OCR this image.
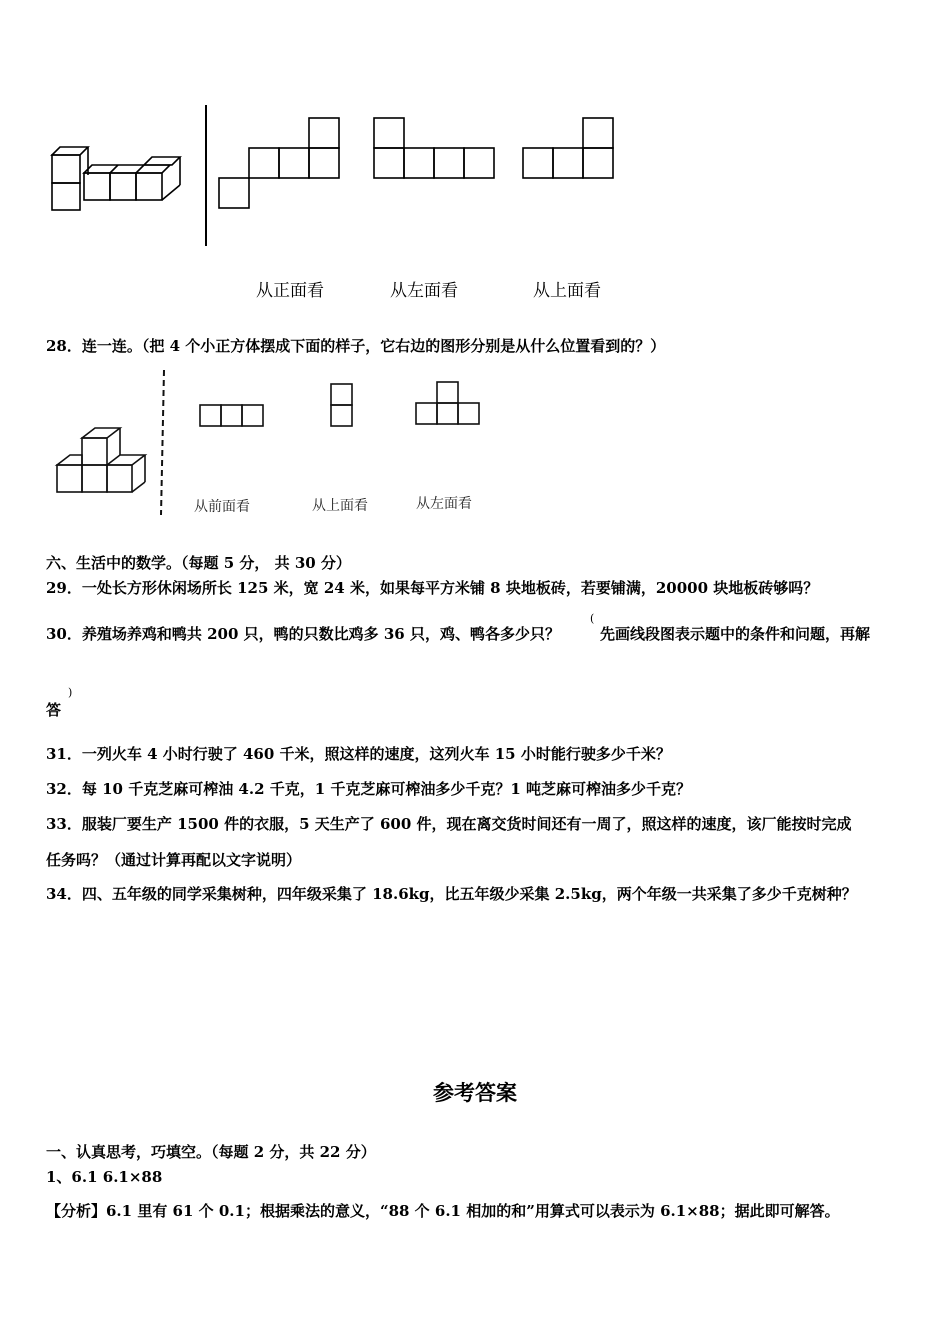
从正面看	从左面看	从上面看
28．连一连。（把 4 个小正方体摆成下面的样子，它右边的图形分别是从什么位置看到的？）
从前面看	从上面看	从左面看
六、生活中的数学。（每题 5 分， 共 30 分）
29．一处长方形休闲场所长 125 米，宽 24 米，如果每平方米铺 8 块地板砖，若要铺满，20000 块地板砖够吗？
30．养殖场养鸡和鸭共 200 只，鸭的只数比鸡多 36 只，鸡、鸭各多少只？
(
先画线段图表示题中的条件和问题，再解
)
答
31．一列火车 4 小时行驶了 460 千米，照这样的速度，这列火车 15 小时能行驶多少千米？
32．每 10 千克芝麻可榨油 4.2 千克，1 千克芝麻可榨油多少千克？1 吨芝麻可榨油多少千克？
33．服装厂要生产 1500 件的衣服，5 天生产了 600 件，现在离交货时间还有一周了，照这样的速度，该厂能按时完成
任务吗？（通过计算再配以文字说明）
34．四、五年级的同学采集树种，四年级采集了 18.6kg，比五年级少采集 2.5kg，两个年级一共采集了多少千克树种？
参考答案
一、认真思考，巧填空。（每题 2 分，共 22 分）
1、6.1 6.1×88
【分析】6.1 里有 61 个 0.1；根据乘法的意义，“88 个 6.1 相加的和”用算式可以表示为 6.1×88；据此即可解答。
